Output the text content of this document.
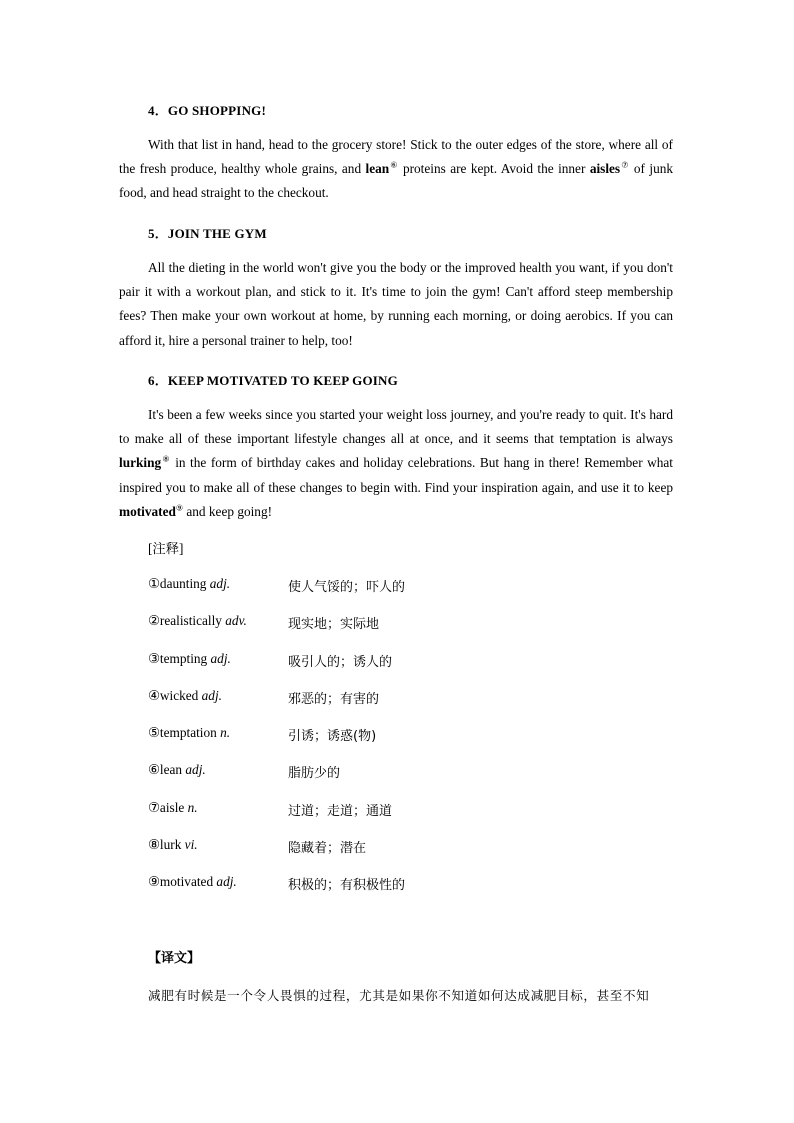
4．GO SHOPPING!
With that list in hand, head to the grocery store! Stick to the outer edges of the store, where all of the fresh produce, healthy whole grains, and lean⑥ proteins are kept. Avoid the inner aisles⑦ of junk food, and head straight to the checkout.
5．JOIN THE GYM
All the dieting in the world won't give you the body or the improved health you want, if you don't pair it with a workout plan, and stick to it. It's time to join the gym! Can't afford steep membership fees? Then make your own workout at home, by running each morning, or doing aerobics. If you can afford it, hire a personal trainer to help, too!
6．KEEP MOTIVATED TO KEEP GOING
It's been a few weeks since you started your weight loss journey, and you're ready to quit. It's hard to make all of these important lifestyle changes all at once, and it seems that temptation is always lurking⑧ in the form of birthday cakes and holiday celebrations. But hang in there! Remember what inspired you to make all of these changes to begin with. Find your inspiration again, and use it to keep motivated⑨ and keep going!
[注释]
①daunting adj.	使人气馁的；吓人的
②realistically adv.	现实地；实际地
③tempting adj.	吸引人的；诱人的
④wicked adj.	邪恶的；有害的
⑤temptation n.	引诱；诱惑(物)
⑥lean adj.	脂肪少的
⑦aisle n.	过道；走道；通道
⑧lurk vi.	隐藏着；潜在
⑨motivated adj.	积极的；有积极性的
【译文】
减肥有时候是一个令人畏惧的过程，尤其是如果你不知道如何达成减肥目标，甚至不知
